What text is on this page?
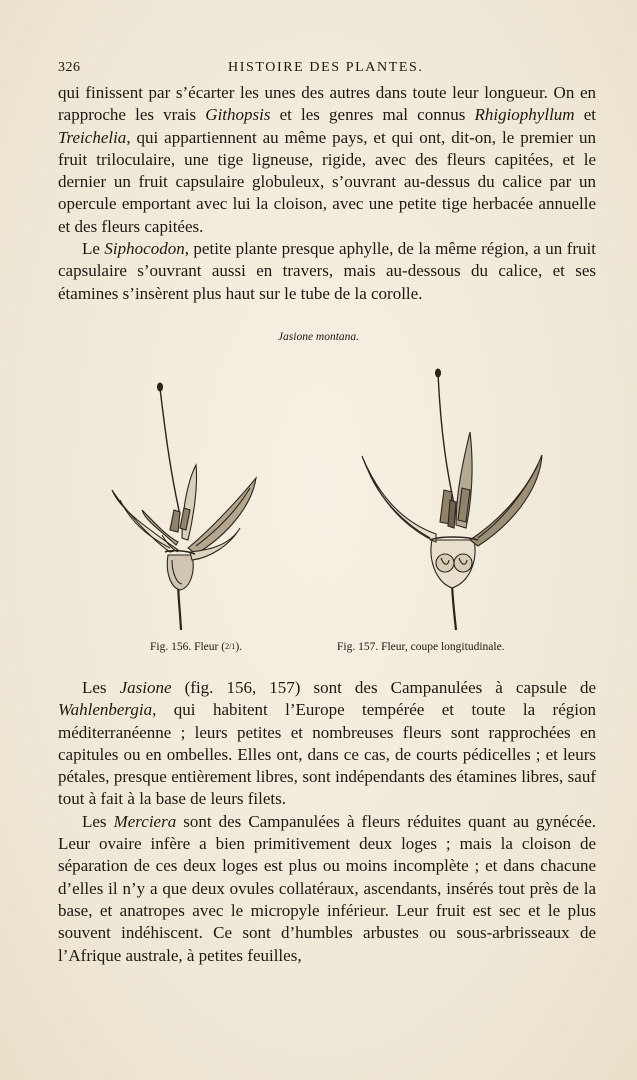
326	HISTOIRE DES PLANTES.

qui finissent par s’écarter les unes des autres dans toute leur longueur. On en rapproche les vrais Githopsis et les genres mal connus Rhigiophyllum et Treichelia, qui appartiennent au même pays, et qui ont, dit-on, le premier un fruit triloculaire, une tige ligneuse, rigide, avec des fleurs capitées, et le dernier un fruit capsulaire globuleux, s’ouvrant au-dessus du calice par un opercule emportant avec lui la cloison, avec une petite tige herbacée annuelle et des fleurs capitées.

Le Siphocodon, petite plante presque aphylle, de la même région, a un fruit capsulaire s’ouvrant aussi en travers, mais au-dessous du calice, et ses étamines s’insèrent plus haut sur le tube de la corolle.

Jasione montana.
Fig. 156. Fleur (2/1).	Fig. 157. Fleur, coupe longitudinale.

Les Jasione (fig. 156, 157) sont des Campanulées à capsule de Wahlenbergia, qui habitent l’Europe tempérée et toute la région méditerranéenne ; leurs petites et nombreuses fleurs sont rapprochées en capitules ou en ombelles. Elles ont, dans ce cas, de courts pédicelles ; et leurs pétales, presque entièrement libres, sont indépendants des étamines libres, sauf tout à fait à la base de leurs filets.

Les Merciera sont des Campanulées à fleurs réduites quant au gynécée. Leur ovaire infère a bien primitivement deux loges ; mais la cloison de séparation de ces deux loges est plus ou moins incomplète ; et dans chacune d’elles il n’y a que deux ovules collatéraux, ascendants, insérés tout près de la base, et anatropes avec le micropyle inférieur. Leur fruit est sec et le plus souvent indéhiscent. Ce sont d’humbles arbustes ou sous-arbrisseaux de l’Afrique australe, à petites feuilles,
